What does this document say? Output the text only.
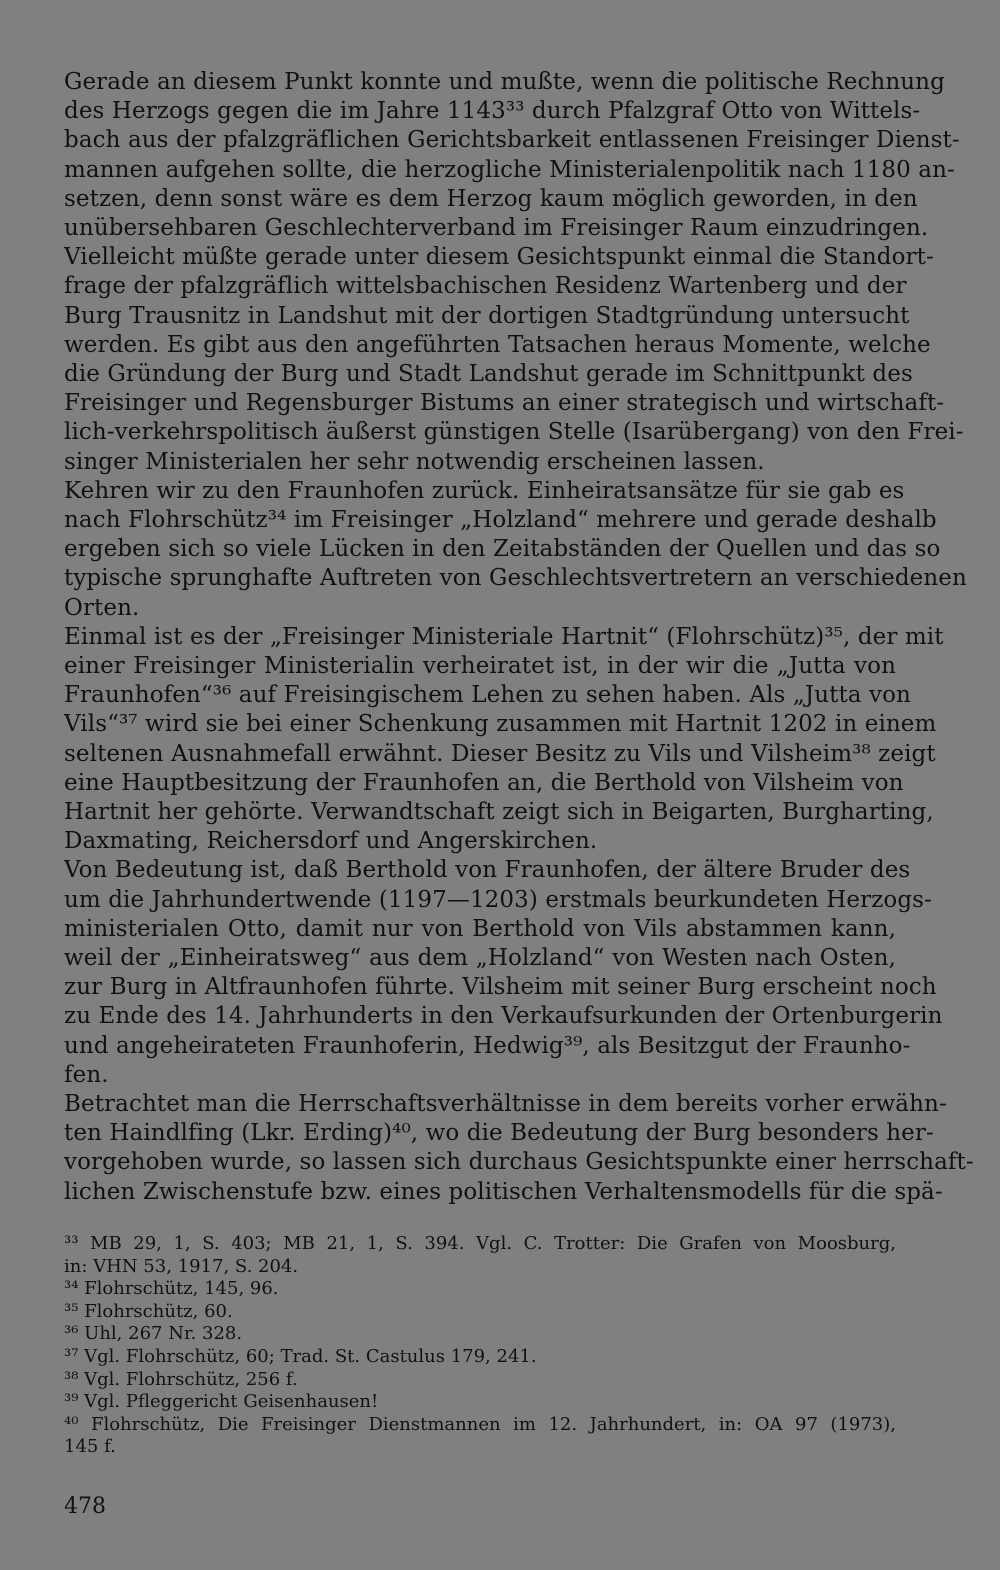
Gerade an diesem Punkt konnte und mußte, wenn die politische Rechnung
des Herzogs gegen die im Jahre 1143³³ durch Pfalzgraf Otto von Wittels-
bach aus der pfalzgräflichen Gerichtsbarkeit entlassenen Freisinger Dienst-
mannen aufgehen sollte, die herzogliche Ministerialenpolitik nach 1180 an-
setzen, denn sonst wäre es dem Herzog kaum möglich geworden, in den
unübersehbaren Geschlechterverband im Freisinger Raum einzudringen.
Vielleicht müßte gerade unter diesem Gesichtspunkt einmal die Standort-
frage der pfalzgräflich wittelsbachischen Residenz Wartenberg und der
Burg Trausnitz in Landshut mit der dortigen Stadtgründung untersucht
werden. Es gibt aus den angeführten Tatsachen heraus Momente, welche
die Gründung der Burg und Stadt Landshut gerade im Schnittpunkt des
Freisinger und Regensburger Bistums an einer strategisch und wirtschaft-
lich-verkehrspolitisch äußerst günstigen Stelle (Isarübergang) von den Frei-
singer Ministerialen her sehr notwendig erscheinen lassen.
Kehren wir zu den Fraunhofen zurück. Einheiratsansätze für sie gab es
nach Flohrschütz³⁴ im Freisinger „Holzland“ mehrere und gerade deshalb
ergeben sich so viele Lücken in den Zeitabständen der Quellen und das so
typische sprunghafte Auftreten von Geschlechtsvertretern an verschiedenen
Orten.
Einmal ist es der „Freisinger Ministeriale Hartnit“ (Flohrschütz)³⁵, der mit
einer Freisinger Ministerialin verheiratet ist, in der wir die „Jutta von
Fraunhofen“³⁶ auf Freisingischem Lehen zu sehen haben. Als „Jutta von
Vils“³⁷ wird sie bei einer Schenkung zusammen mit Hartnit 1202 in einem
seltenen Ausnahmefall erwähnt. Dieser Besitz zu Vils und Vilsheim³⁸ zeigt
eine Hauptbesitzung der Fraunhofen an, die Berthold von Vilsheim von
Hartnit her gehörte. Verwandtschaft zeigt sich in Beigarten, Burgharting,
Daxmating, Reichersdorf und Angerskirchen.
Von Bedeutung ist, daß Berthold von Fraunhofen, der ältere Bruder des
um die Jahrhundertwende (1197—1203) erstmals beurkundeten Herzogs-
ministerialen Otto, damit nur von Berthold von Vils abstammen kann,
weil der „Einheiratsweg“ aus dem „Holzland“ von Westen nach Osten,
zur Burg in Altfraunhofen führte. Vilsheim mit seiner Burg erscheint noch
zu Ende des 14. Jahrhunderts in den Verkaufsurkunden der Ortenburgerin
und angeheirateten Fraunhoferin, Hedwig³⁹, als Besitzgut der Fraunho-
fen.
Betrachtet man die Herrschaftsverhältnisse in dem bereits vorher erwähn-
ten Haindlfing (Lkr. Erding)⁴⁰, wo die Bedeutung der Burg besonders her-
vorgehoben wurde, so lassen sich durchaus Gesichtspunkte einer herrschaft-
lichen Zwischenstufe bzw. eines politischen Verhaltensmodells für die spä-
³³ MB 29, 1, S. 403; MB 21, 1, S. 394. Vgl. C. Trotter: Die Grafen von Moosburg,
in: VHN 53, 1917, S. 204.
³⁴ Flohrschütz, 145, 96.
³⁵ Flohrschütz, 60.
³⁶ Uhl, 267 Nr. 328.
³⁷ Vgl. Flohrschütz, 60; Trad. St. Castulus 179, 241.
³⁸ Vgl. Flohrschütz, 256 f.
³⁹ Vgl. Pfleggericht Geisenhausen!
⁴⁰ Flohrschütz, Die Freisinger Dienstmannen im 12. Jahrhundert, in: OA 97 (1973),
145 f.
478
